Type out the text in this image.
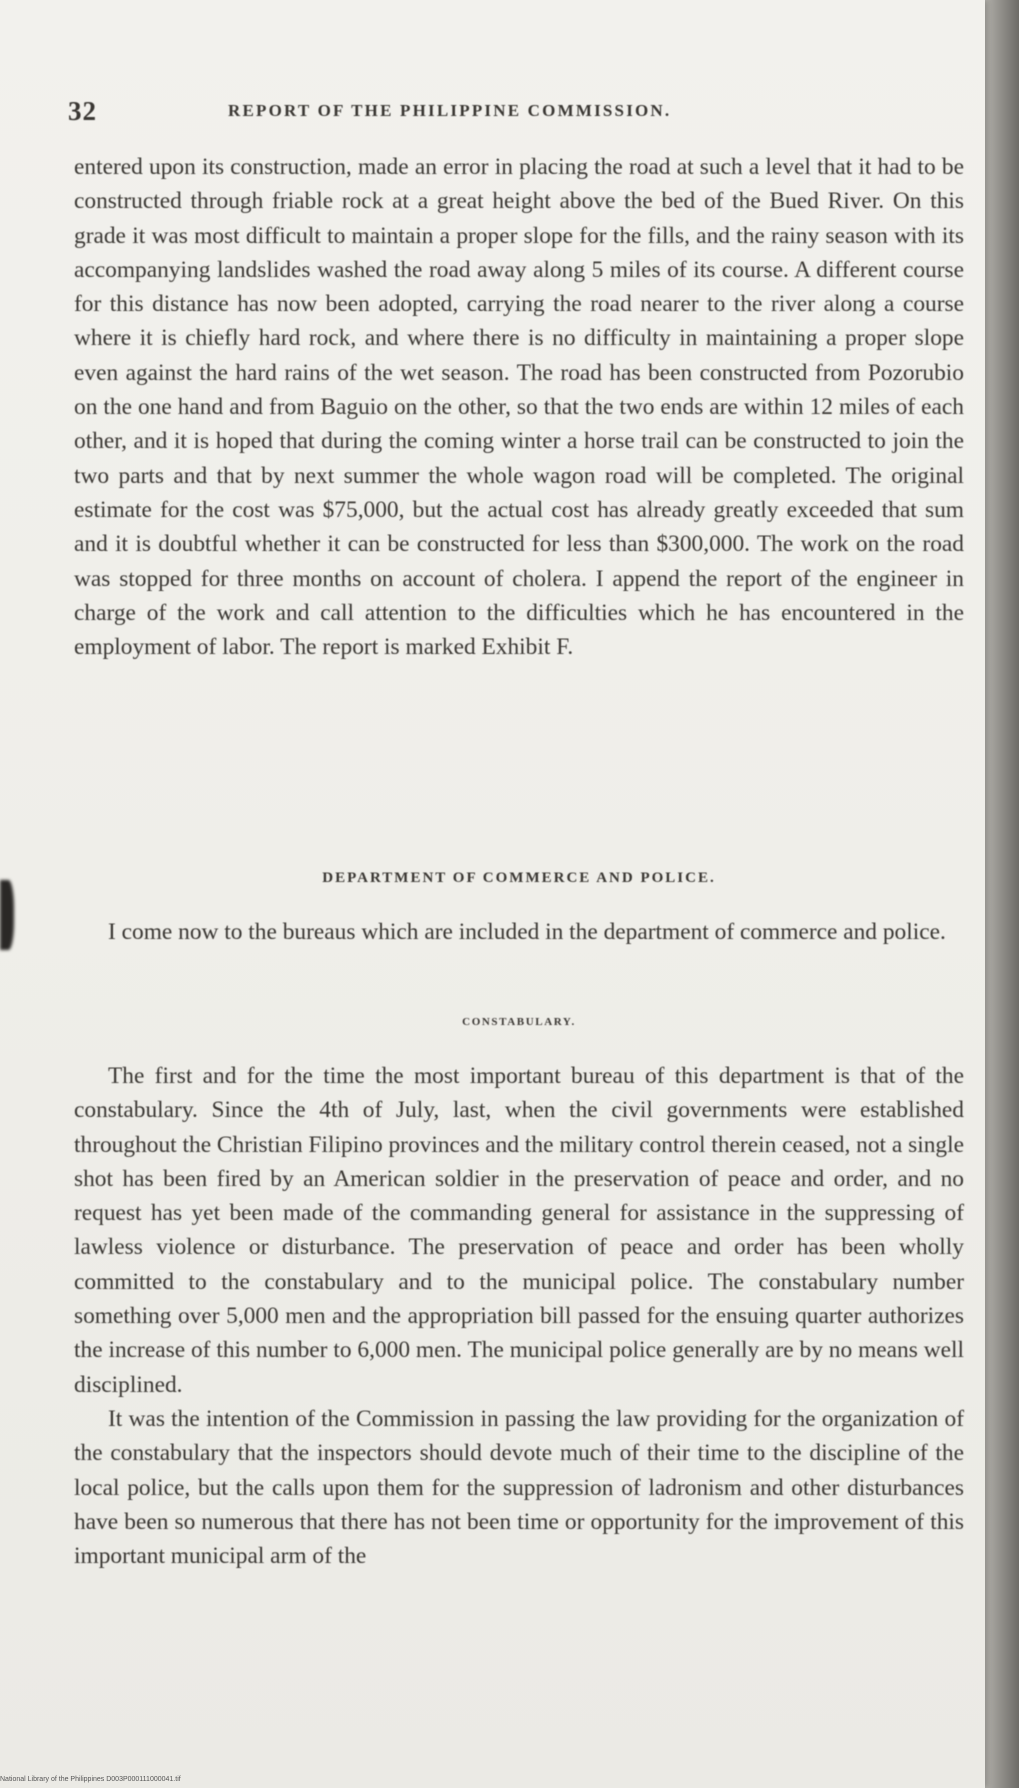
32	REPORT OF THE PHILIPPINE COMMISSION.

entered upon its construction, made an error in placing the road at such a level that it had to be constructed through friable rock at a great height above the bed of the Bued River. On this grade it was most difficult to maintain a proper slope for the fills, and the rainy season with its accompanying landslides washed the road away along 5 miles of its course. A different course for this distance has now been adopted, carrying the road nearer to the river along a course where it is chiefly hard rock, and where there is no difficulty in maintaining a proper slope even against the hard rains of the wet season. The road has been constructed from Pozorubio on the one hand and from Baguio on the other, so that the two ends are within 12 miles of each other, and it is hoped that during the coming winter a horse trail can be constructed to join the two parts and that by next summer the whole wagon road will be completed. The original estimate for the cost was $75,000, but the actual cost has already greatly exceeded that sum and it is doubtful whether it can be constructed for less than $300,000. The work on the road was stopped for three months on account of cholera. I append the report of the engineer in charge of the work and call attention to the difficulties which he has encountered in the employment of labor. The report is marked Exhibit F.

DEPARTMENT OF COMMERCE AND POLICE.

I come now to the bureaus which are included in the department of commerce and police.

CONSTABULARY.

The first and for the time the most important bureau of this department is that of the constabulary. Since the 4th of July, last, when the civil governments were established throughout the Christian Filipino provinces and the military control therein ceased, not a single shot has been fired by an American soldier in the preservation of peace and order, and no request has yet been made of the commanding general for assistance in the suppressing of lawless violence or disturbance. The preservation of peace and order has been wholly committed to the constabulary and to the municipal police. The constabulary number something over 5,000 men and the appropriation bill passed for the ensuing quarter authorizes the increase of this number to 6,000 men. The municipal police generally are by no means well disciplined.

It was the intention of the Commission in passing the law providing for the organization of the constabulary that the inspectors should devote much of their time to the discipline of the local police, but the calls upon them for the suppression of ladronism and other disturbances have been so numerous that there has not been time or opportunity for the improvement of this important municipal arm of the

National Library of the Philippines D003P000111000041.tif
